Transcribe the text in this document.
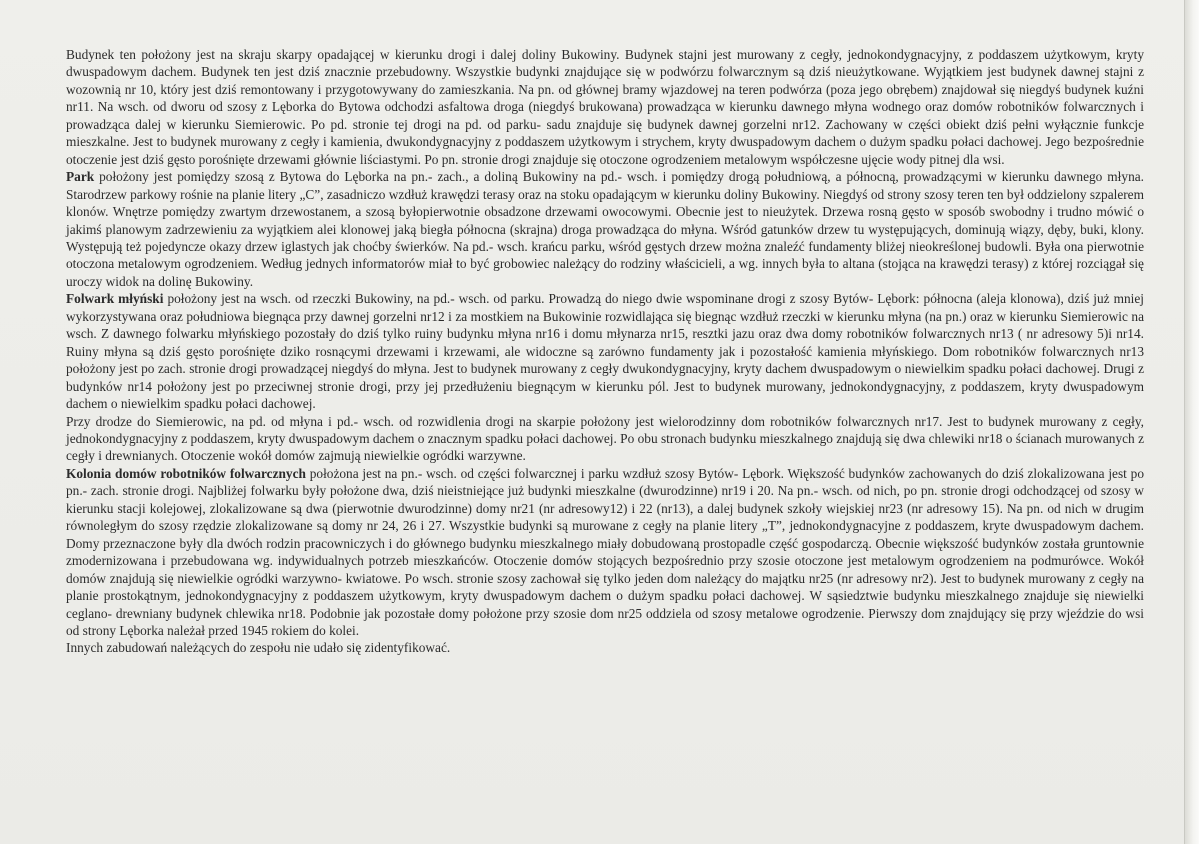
Budynek ten położony jest na skraju skarpy opadającej w kierunku drogi i dalej doliny Bukowiny. Budynek stajni jest murowany z cegły, jednokondygnacyjny, z poddaszem użytkowym, kryty dwuspadowym dachem. Budynek ten jest dziś znacznie przebudowny. Wszystkie budynki znajdujące się w podwórzu folwarcznym są dziś nieużytkowane. Wyjątkiem jest budynek dawnej stajni z wozownią nr 10, który jest dziś remontowany i przygotowywany do zamieszkania. Na pn. od głównej bramy wjazdowej na teren podwórza (poza jego obrębem) znajdował się niegdyś budynek kuźni nr11. Na wsch. od dworu od szosy z Lęborka do Bytowa odchodzi asfaltowa droga (niegdyś brukowana) prowadząca w kierunku dawnego młyna wodnego oraz domów robotników folwarcznych i prowadząca dalej w kierunku Siemierowic. Po pd. stronie tej drogi na pd. od parku- sadu znajduje się budynek dawnej gorzelni nr12. Zachowany w części obiekt dziś pełni wyłącznie funkcje mieszkalne. Jest to budynek murowany z cegły i kamienia, dwukondygnacyjny z poddaszem użytkowym i strychem, kryty dwuspadowym dachem o dużym spadku połaci dachowej. Jego bezpośrednie otoczenie jest dziś gęsto porośnięte drzewami głównie liściastymi. Po pn. stronie drogi znajduje się otoczone ogrodzeniem metalowym współczesne ujęcie wody pitnej dla wsi.

Park położony jest pomiędzy szosą z Bytowa do Lęborka na pn.- zach., a doliną Bukowiny na pd.- wsch. i pomiędzy drogą południową, a północną, prowadzącymi w kierunku dawnego młyna. Starodrzew parkowy rośnie na planie litery „C”, zasadniczo wzdłuż krawędzi terasy oraz na stoku opadającym w kierunku doliny Bukowiny. Niegdyś od strony szosy teren ten był oddzielony szpalerem klonów. Wnętrze pomiędzy zwartym drzewostanem, a szosą byłopierwotnie obsadzone drzewami owocowymi. Obecnie jest to nieużytek. Drzewa rosną gęsto w sposób swobodny i trudno mówić o jakimś planowym zadrzewieniu za wyjątkiem alei klonowej jaką biegła północna (skrajna) droga prowadząca do młyna. Wśród gatunków drzew tu występujących, dominują wiązy, dęby, buki, klony. Występują też pojedyncze okazy drzew iglastych jak choćby świerków. Na pd.- wsch. krańcu parku, wśród gęstych drzew można znaleźć fundamenty bliżej nieokreślonej budowli. Była ona pierwotnie otoczona metalowym ogrodzeniem. Według jednych informatorów miał to być grobowiec należący do rodziny właścicieli, a wg. innych była to altana (stojąca na krawędzi terasy) z której rozciągał się uroczy widok na dolinę Bukowiny.

Folwark młyński położony jest na wsch. od rzeczki Bukowiny, na pd.- wsch. od parku. Prowadzą do niego dwie wspominane drogi z szosy Bytów- Lębork: północna (aleja klonowa), dziś już mniej wykorzystywana oraz południowa biegnąca przy dawnej gorzelni nr12 i za mostkiem na Bukowinie rozwidlająca się biegnąc wzdłuż rzeczki w kierunku młyna (na pn.) oraz w kierunku Siemierowic na wsch. Z dawnego folwarku młyńskiego pozostały do dziś tylko ruiny budynku młyna nr16 i domu młynarza nr15, resztki jazu oraz dwa domy robotników folwarcznych nr13 ( nr adresowy 5)i nr14. Ruiny młyna są dziś gęsto porośnięte dziko rosnącymi drzewami i krzewami, ale widoczne są zarówno fundamenty jak i pozostałość kamienia młyńskiego. Dom robotników folwarcznych nr13 położony jest po zach. stronie drogi prowadzącej niegdyś do młyna. Jest to budynek murowany z cegły dwukondygnacyjny, kryty dachem dwuspadowym o niewielkim spadku połaci dachowej. Drugi z budynków nr14 położony jest po przeciwnej stronie drogi, przy jej przedłużeniu biegnącym w kierunku pól. Jest to budynek murowany, jednokondygnacyjny, z poddaszem, kryty dwuspadowym dachem o niewielkim spadku połaci dachowej.

Przy drodze do Siemierowic, na pd. od młyna i pd.- wsch. od rozwidlenia drogi na skarpie położony jest wielorodzinny dom robotników folwarcznych nr17. Jest to budynek murowany z cegły, jednokondygnacyjny z poddaszem, kryty dwuspadowym dachem o znacznym spadku połaci dachowej. Po obu stronach budynku mieszkalnego znajdują się dwa chlewiki nr18 o ścianach murowanych z cegły i drewnianych. Otoczenie wokół domów zajmują niewielkie ogródki warzywne.

Kolonia domów robotników folwarcznych położona jest na pn.- wsch. od części folwarcznej i parku wzdłuż szosy Bytów- Lębork. Większość budynków zachowanych do dziś zlokalizowana jest po pn.- zach. stronie drogi. Najbliżej folwarku były położone dwa, dziś nieistniejące już budynki mieszkalne (dwurodzinne) nr19 i 20. Na pn.- wsch. od nich, po pn. stronie drogi odchodzącej od szosy w kierunku stacji kolejowej, zlokalizowane są dwa (pierwotnie dwurodzinne) domy nr21 (nr adresowy12) i 22 (nr13), a dalej budynek szkoły wiejskiej nr23 (nr adresowy 15). Na pn. od nich w drugim równoległym do szosy rzędzie zlokalizowane są domy nr 24, 26 i 27. Wszystkie budynki są murowane z cegły na planie litery „T”, jednokondygnacyjne z poddaszem, kryte dwuspadowym dachem. Domy przeznaczone były dla dwóch rodzin pracowniczych i do głównego budynku mieszkalnego miały dobudowaną prostopadle część gospodarczą. Obecnie większość budynków została gruntownie zmodernizowana i przebudowana wg. indywidualnych potrzeb mieszkańców. Otoczenie domów stojących bezpośrednio przy szosie otoczone jest metalowym ogrodzeniem na podmurówce. Wokół domów znajdują się niewielkie ogródki warzywno- kwiatowe. Po wsch. stronie szosy zachował się tylko jeden dom należący do majątku nr25 (nr adresowy nr2). Jest to budynek murowany z cegły na planie prostokątnym, jednokondygnacyjny z poddaszem użytkowym, kryty dwuspadowym dachem o dużym spadku połaci dachowej. W sąsiedztwie budynku mieszkalnego znajduje się niewielki ceglano- drewniany budynek chlewika nr18. Podobnie jak pozostałe domy położone przy szosie dom nr25 oddziela od szosy metalowe ogrodzenie. Pierwszy dom znajdujący się przy wjeździe do wsi od strony Lęborka należał przed 1945 rokiem do kolei.

Innych zabudowań należących do zespołu nie udało się zidentyfikować.
